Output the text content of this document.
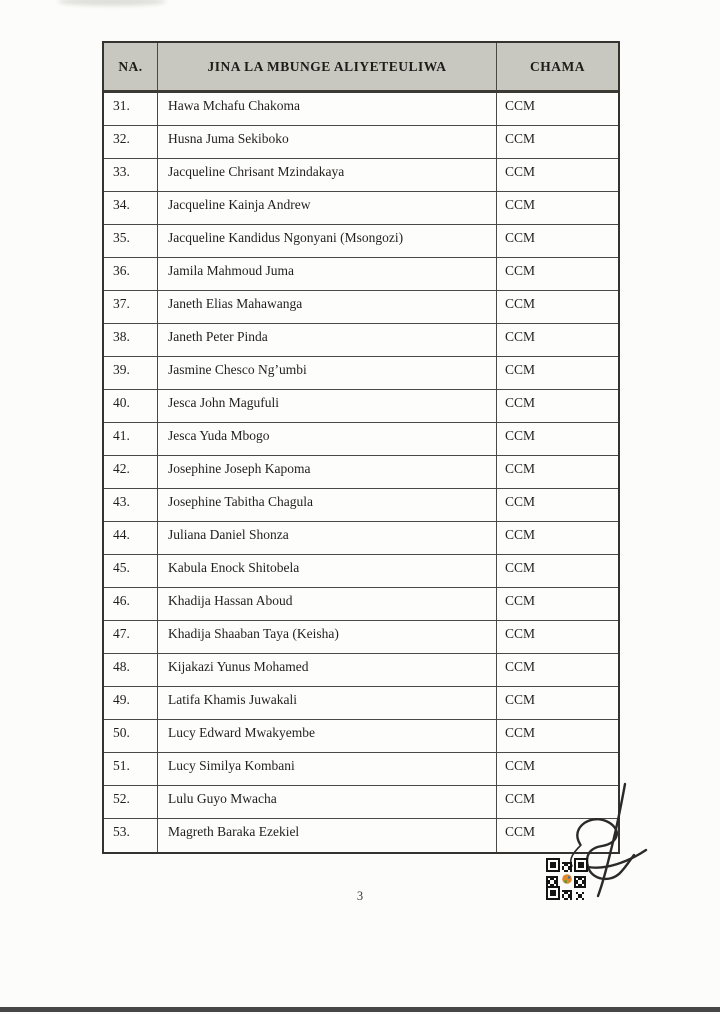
NA.	JINA LA MBUNGE ALIYETEULIWA	CHAMA
31.	Hawa Mchafu Chakoma	CCM
32.	Husna Juma Sekiboko	CCM
33.	Jacqueline Chrisant Mzindakaya	CCM
34.	Jacqueline Kainja Andrew	CCM
35.	Jacqueline Kandidus Ngonyani (Msongozi)	CCM
36.	Jamila Mahmoud Juma	CCM
37.	Janeth Elias Mahawanga	CCM
38.	Janeth Peter Pinda	CCM
39.	Jasmine Chesco Ng’umbi	CCM
40.	Jesca John Magufuli	CCM
41.	Jesca Yuda Mbogo	CCM
42.	Josephine Joseph Kapoma	CCM
43.	Josephine Tabitha Chagula	CCM
44.	Juliana Daniel Shonza	CCM
45.	Kabula Enock Shitobela	CCM
46.	Khadija Hassan Aboud	CCM
47.	Khadija Shaaban Taya (Keisha)	CCM
48.	Kijakazi Yunus Mohamed	CCM
49.	Latifa Khamis Juwakali	CCM
50.	Lucy Edward Mwakyembe	CCM
51.	Lucy Similya Kombani	CCM
52.	Lulu Guyo Mwacha	CCM
53.	Magreth Baraka Ezekiel	CCM
3
